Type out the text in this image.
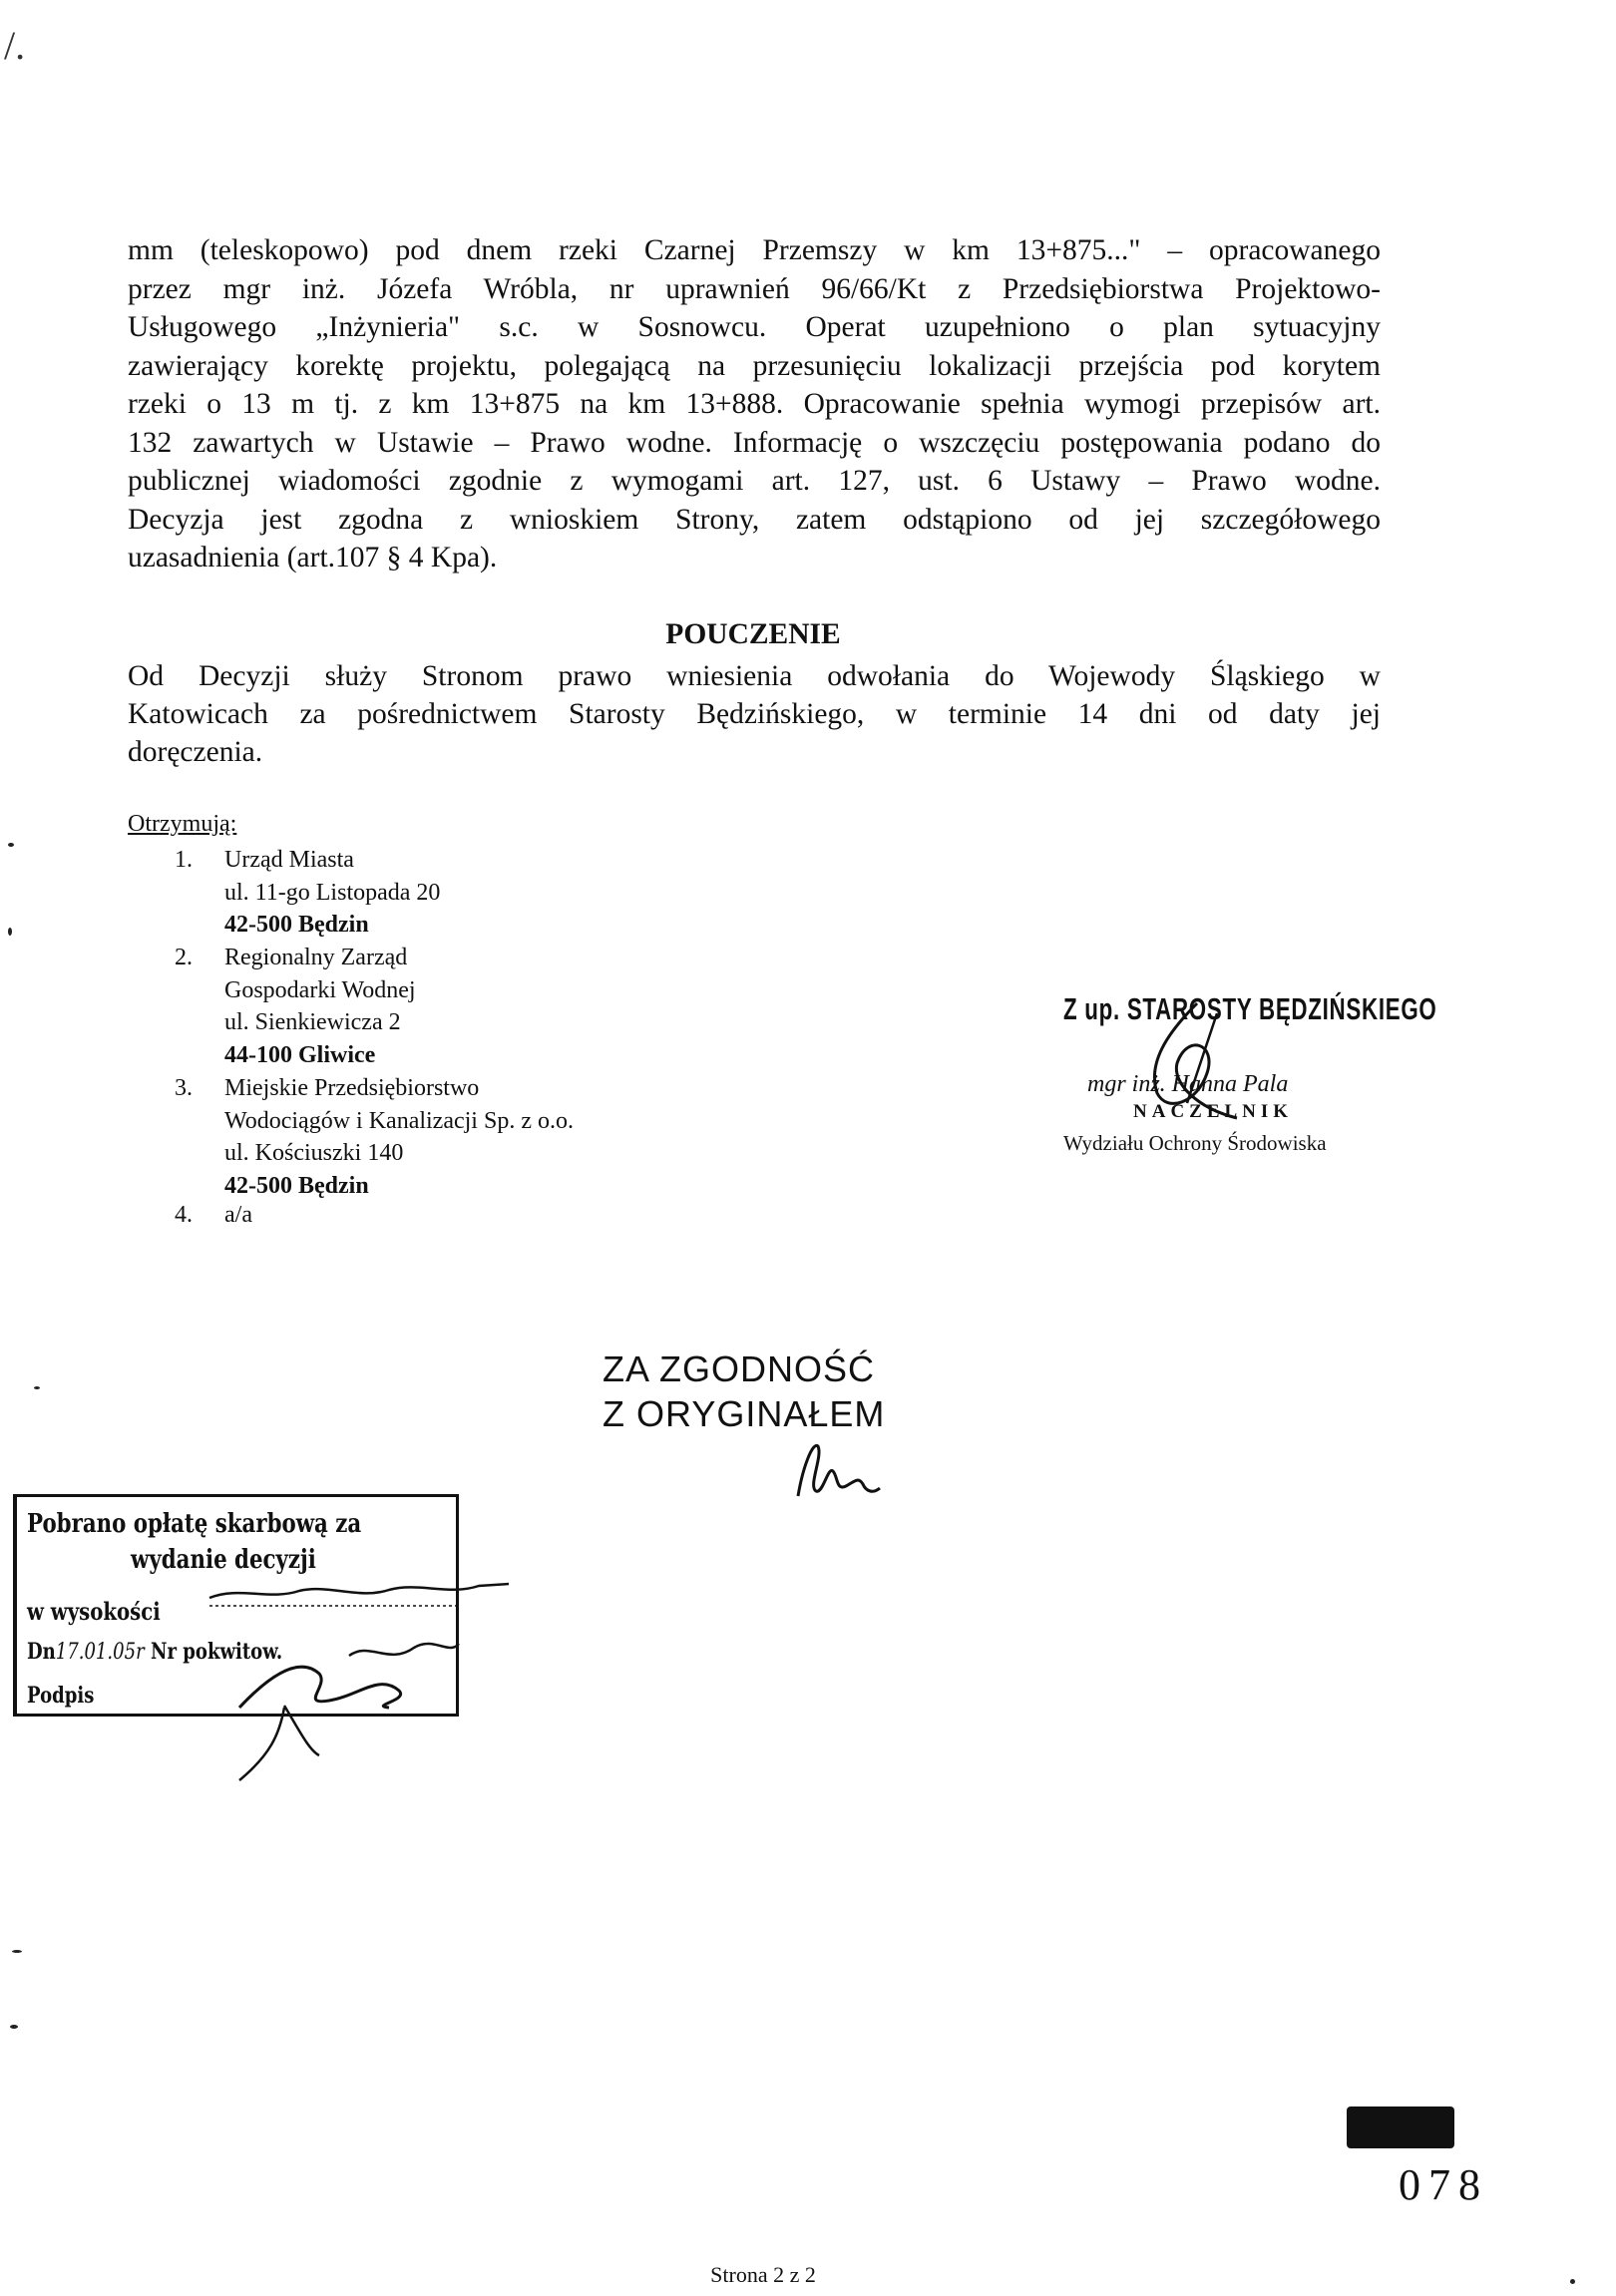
/.
mm (teleskopowo) pod dnem rzeki Czarnej Przemszy w km 13+875..." – opracowanego
przez mgr inż. Józefa Wróbla, nr uprawnień 96/66/Kt z Przedsiębiorstwa Projektowo-
Usługowego „Inżynieria" s.c. w Sosnowcu. Operat uzupełniono o plan sytuacyjny
zawierający korektę projektu, polegającą na przesunięciu lokalizacji przejścia pod korytem
rzeki o 13 m tj. z km 13+875 na km 13+888. Opracowanie spełnia wymogi przepisów art.
132 zawartych w Ustawie – Prawo wodne. Informację o wszczęciu postępowania podano do
publicznej wiadomości zgodnie z wymogami art. 127, ust. 6 Ustawy – Prawo wodne.
Decyzja jest zgodna z wnioskiem Strony, zatem odstąpiono od jej szczegółowego
uzasadnienia (art.107 § 4 Kpa).
POUCZENIE
Od Decyzji służy Stronom prawo wniesienia odwołania do Wojewody Śląskiego w
Katowicach za pośrednictwem Starosty Będzińskiego, w terminie 14 dni od daty jej
doręczenia.
Otrzymują:
1.	Urząd Miasta
ul. 11-go Listopada 20
42-500 Będzin
2.	Regionalny Zarząd
Gospodarki Wodnej
ul. Sienkiewicza 2
44-100 Gliwice
3.	Miejskie Przedsiębiorstwo
Wodociągów i Kanalizacji Sp. z o.o.
ul. Kościuszki 140
42-500 Będzin
4.	a/a
Z up. STAROSTY BĘDZIŃSKIEGO
mgr inż. Hanna Pala
NACZELNIK
Wydziału Ochrony Środowiska
ZA ZGODNOŚĆ
Z ORYGINAŁEM
Pobrano opłatę skarbową za
wydanie decyzji
w wysokości
Dn17.01.05r Nr pokwitow.
Podpis
078
Strona 2 z 2
